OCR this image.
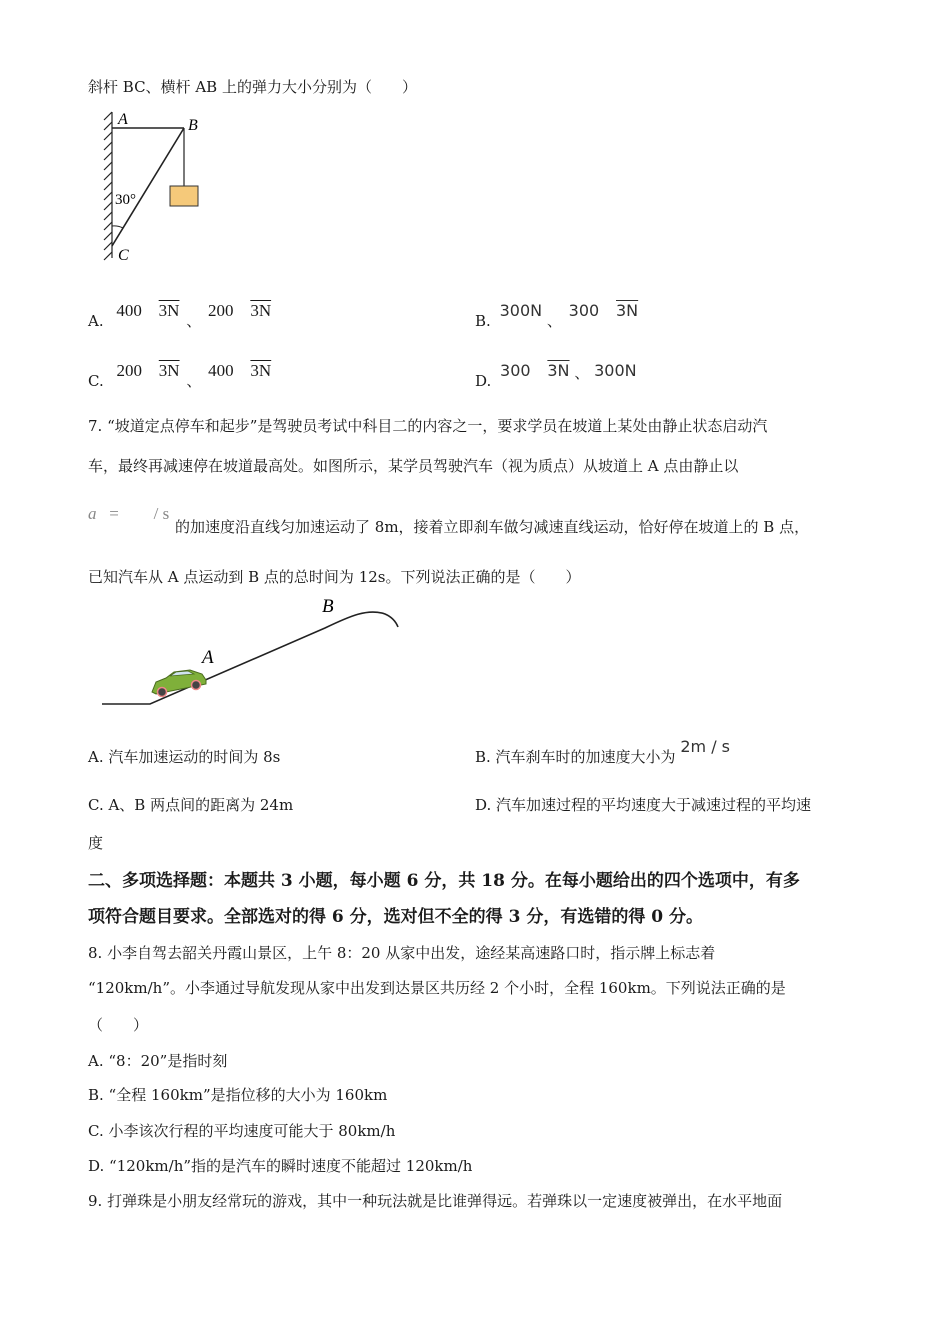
斜杆 BC、横杆 AB 上的弹力大小分别为（　　）
A	B
C
30°
A. 400 3N 、 200 3N
B. 300N 、 300 3N
C. 200 3N 、 400 3N
D. 300 3N 、 300N
7. “坡道定点停车和起步”是驾驶员考试中科目二的内容之一，要求学员在坡道上某处由静止状态启动汽
车，最终再减速停在坡道最高处。如图所示，某学员驾驶汽车（视为质点）从坡道上 A 点由静止以
a = / s
的加速度沿直线匀加速运动了 8m，接着立即刹车做匀减速直线运动，恰好停在坡道上的 B 点，
已知汽车从 A 点运动到 B 点的总时间为 12s。下列说法正确的是（　　）
A
B
A. 汽车加速运动的时间为 8s	B. 汽车刹车时的加速度大小为 2m / s
C. A、B 两点间的距离为 24m	D. 汽车加速过程的平均速度大于减速过程的平均速
度
二、多项选择题：本题共 3 小题，每小题 6 分，共 18 分。在每小题给出的四个选项中，有多
项符合题目要求。全部选对的得 6 分，选对但不全的得 3 分，有选错的得 0 分。
8. 小李自驾去韶关丹霞山景区，上午 8：20 从家中出发，途经某高速路口时，指示牌上标志着
“120km/h”。小李通过导航发现从家中出发到达景区共历经 2 个小时，全程 160km。下列说法正确的是
（　　）
A. “8：20”是指时刻
B. “全程 160km”是指位移的大小为 160km
C. 小李该次行程的平均速度可能大于 80km/h
D. “120km/h”指的是汽车的瞬时速度不能超过 120km/h
9. 打弹珠是小朋友经常玩的游戏，其中一种玩法就是比谁弹得远。若弹珠以一定速度被弹出，在水平地面
